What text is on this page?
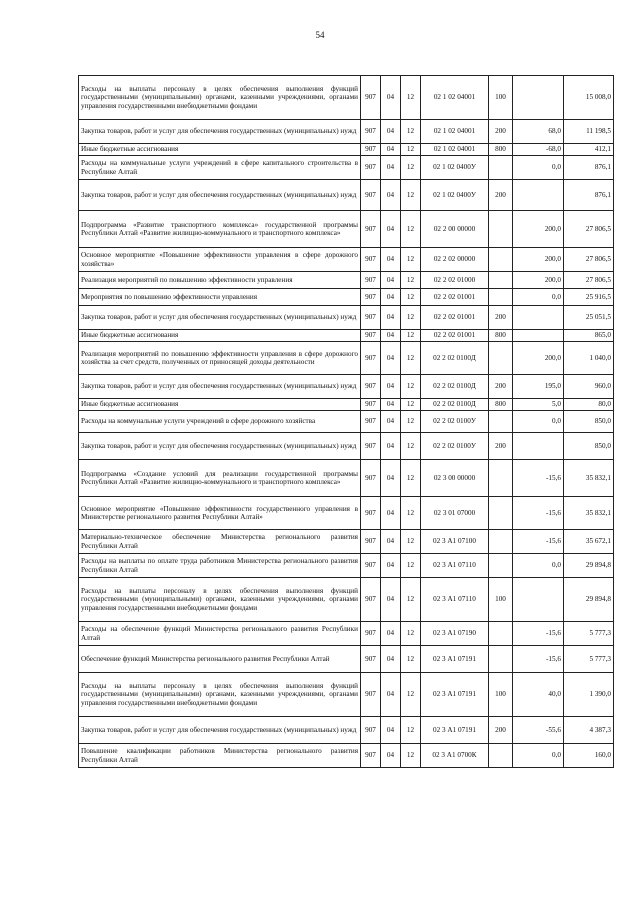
54
Расходы на выплаты персоналу в целях обеспечения выполнения функций государственными (муниципальными) органами, казенными учреждениями, органами управления государственными внебюджетными фондами	907	04	12	02 1 02 04001	100		15 008,0
Закупка товаров, работ и услуг для обеспечения государственных (муниципальных) нужд	907	04	12	02 1 02 04001	200	68,0	11 198,5
Иные бюджетные ассигнования	907	04	12	02 1 02 04001	800	-68,0	412,1
Расходы на коммунальные услуги учреждений в сфере капитального строительства в Республике Алтай	907	04	12	02 1 02 0400У		0,0	876,1
Закупка товаров, работ и услуг для обеспечения государственных (муниципальных) нужд	907	04	12	02 1 02 0400У	200		876,1
Подпрограмма «Развитие транспортного комплекса» государственной программы Республики Алтай «Развитие жилищно-коммунального и транспортного комплекса»	907	04	12	02 2 00 00000		200,0	27 806,5
Основное мероприятие «Повышение эффективности управления в сфере дорожного хозяйства»	907	04	12	02 2 02 00000		200,0	27 806,5
Реализация мероприятий по повышению эффективности управления	907	04	12	02 2 02 01000		200,0	27 806,5
Мероприятия по повышению эффективности управления	907	04	12	02 2 02 01001		0,0	25 916,5
Закупка товаров, работ и услуг для обеспечения государственных (муниципальных) нужд	907	04	12	02 2 02 01001	200		25 051,5
Иные бюджетные ассигнования	907	04	12	02 2 02 01001	800		865,0
Реализация мероприятий по повышению эффективности управления в сфере дорожного хозяйства за счет средств, полученных от приносящей доходы деятельности	907	04	12	02 2 02 0100Д		200,0	1 040,0
Закупка товаров, работ и услуг для обеспечения государственных (муниципальных) нужд	907	04	12	02 2 02 0100Д	200	195,0	960,0
Иные бюджетные ассигнования	907	04	12	02 2 02 0100Д	800	5,0	80,0
Расходы на коммунальные услуги учреждений в сфере дорожного хозяйства	907	04	12	02 2 02 0100У		0,0	850,0
Закупка товаров, работ и услуг для обеспечения государственных (муниципальных) нужд	907	04	12	02 2 02 0100У	200		850,0
Подпрограмма «Создание условий для реализации государственной программы Республики Алтай «Развитие жилищно-коммунального и транспортного комплекса»	907	04	12	02 3 00 00000		-15,6	35 832,1
Основное мероприятие «Повышение эффективности государственного управления в Министерстве регионального развития Республики Алтай»	907	04	12	02 3 01 07000		-15,6	35 832,1
Материально-техническое обеспечение Министерства регионального развития Республики Алтай	907	04	12	02 3 А1 07100		-15,6	35 672,1
Расходы на выплаты по оплате труда работников Министерства регионального развития Республики Алтай	907	04	12	02 3 А1 07110		0,0	29 894,8
Расходы на выплаты персоналу в целях обеспечения выполнения функций государственными (муниципальными) органами, казенными учреждениями, органами управления государственными внебюджетными фондами	907	04	12	02 3 А1 07110	100		29 894,8
Расходы на обеспечение функций Министерства регионального развития Республики Алтай	907	04	12	02 3 А1 07190		-15,6	5 777,3
Обеспечение функций Министерства регионального развития Республики Алтай	907	04	12	02 3 А1 07191		-15,6	5 777,3
Расходы на выплаты персоналу в целях обеспечения выполнения функций государственными (муниципальными) органами, казенными учреждениями, органами управления государственными внебюджетными фондами	907	04	12	02 3 А1 07191	100	40,0	1 390,0
Закупка товаров, работ и услуг для обеспечения государственных (муниципальных) нужд	907	04	12	02 3 А1 07191	200	-55,6	4 387,3
Повышение квалификации работников Министерства регионального развития Республики Алтай	907	04	12	02 3 А1 0700К		0,0	160,0
